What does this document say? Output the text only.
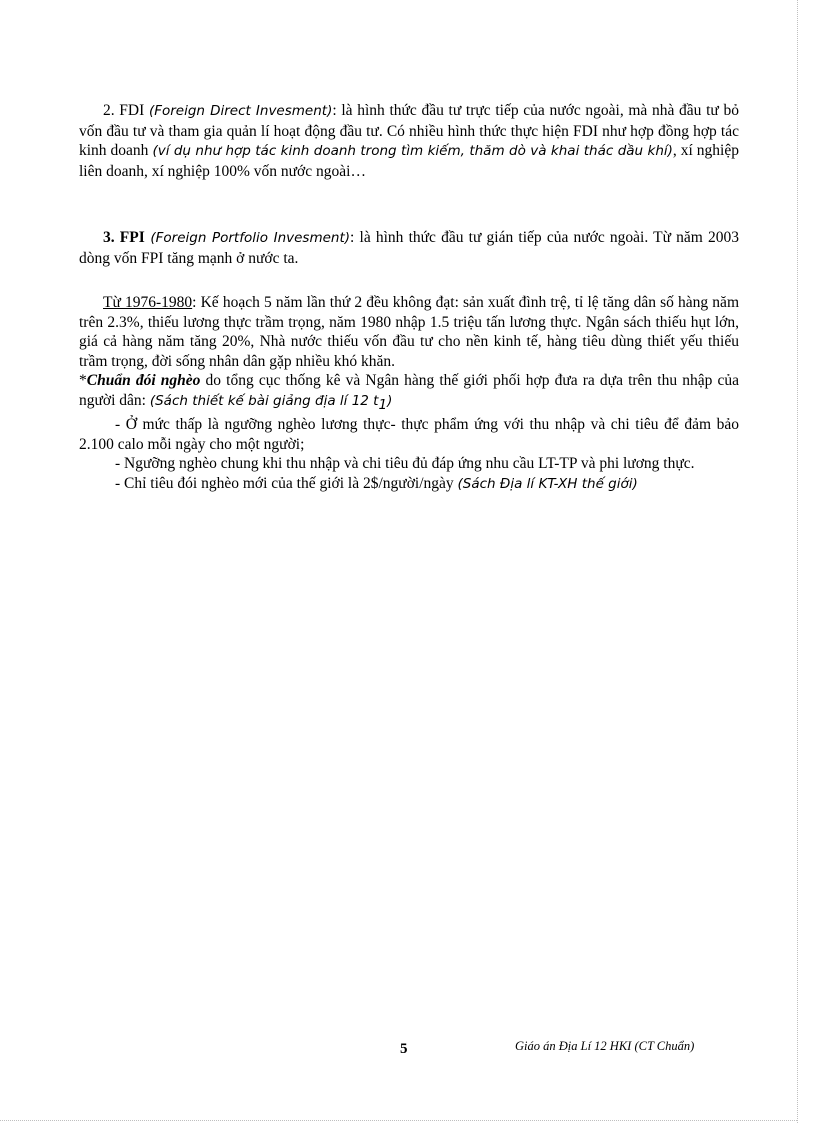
2. FDI (Foreign Direct Invesment): là hình thức đầu tư trực tiếp của nước ngoài, mà nhà đầu tư bỏ vốn đầu tư và tham gia quản lí hoạt động đầu tư. Có nhiều hình thức thực hiện FDI như hợp đồng hợp tác kinh doanh (ví dụ như hợp tác kinh doanh trong tìm kiếm, thăm dò và khai thác dầu khí), xí nghiệp liên doanh, xí nghiệp 100% vốn nước ngoài…

3. FPI (Foreign Portfolio Invesment): là hình thức đầu tư gián tiếp của nước ngoài. Từ năm 2003 dòng vốn FPI tăng mạnh ở nước ta.

Từ 1976-1980: Kế hoạch 5 năm lần thứ 2 đều không đạt: sản xuất đình trệ, tỉ lệ tăng dân số hàng năm trên 2.3%, thiếu lương thực trầm trọng, năm 1980 nhập 1.5 triệu tấn lương thực. Ngân sách thiếu hụt lớn, giá cả hàng năm tăng 20%, Nhà nước thiếu vốn đầu tư cho nền kinh tế, hàng tiêu dùng thiết yếu thiếu trầm trọng, đời sống nhân dân gặp nhiều khó khăn.

*Chuẩn đói nghèo do tổng cục thống kê và Ngân hàng thế giới phối hợp đưa ra dựa trên thu nhập của người dân: (Sách thiết kế bài giảng địa lí 12 $t_1$)

- Ở mức thấp là ngưỡng nghèo lương thực- thực phẩm ứng với thu nhập và chi tiêu để đảm bảo 2.100 calo mỗi ngày cho một người;

- Ngưỡng nghèo chung khi thu nhập và chi tiêu đủ đáp ứng nhu cầu LT-TP và phi lương thực.

- Chỉ tiêu đói nghèo mới của thế giới là 2$/người/ngày (Sách Địa lí KT-XH thế giới)

5	Giáo án Địa Lí 12 HKI (CT Chuẩn)
